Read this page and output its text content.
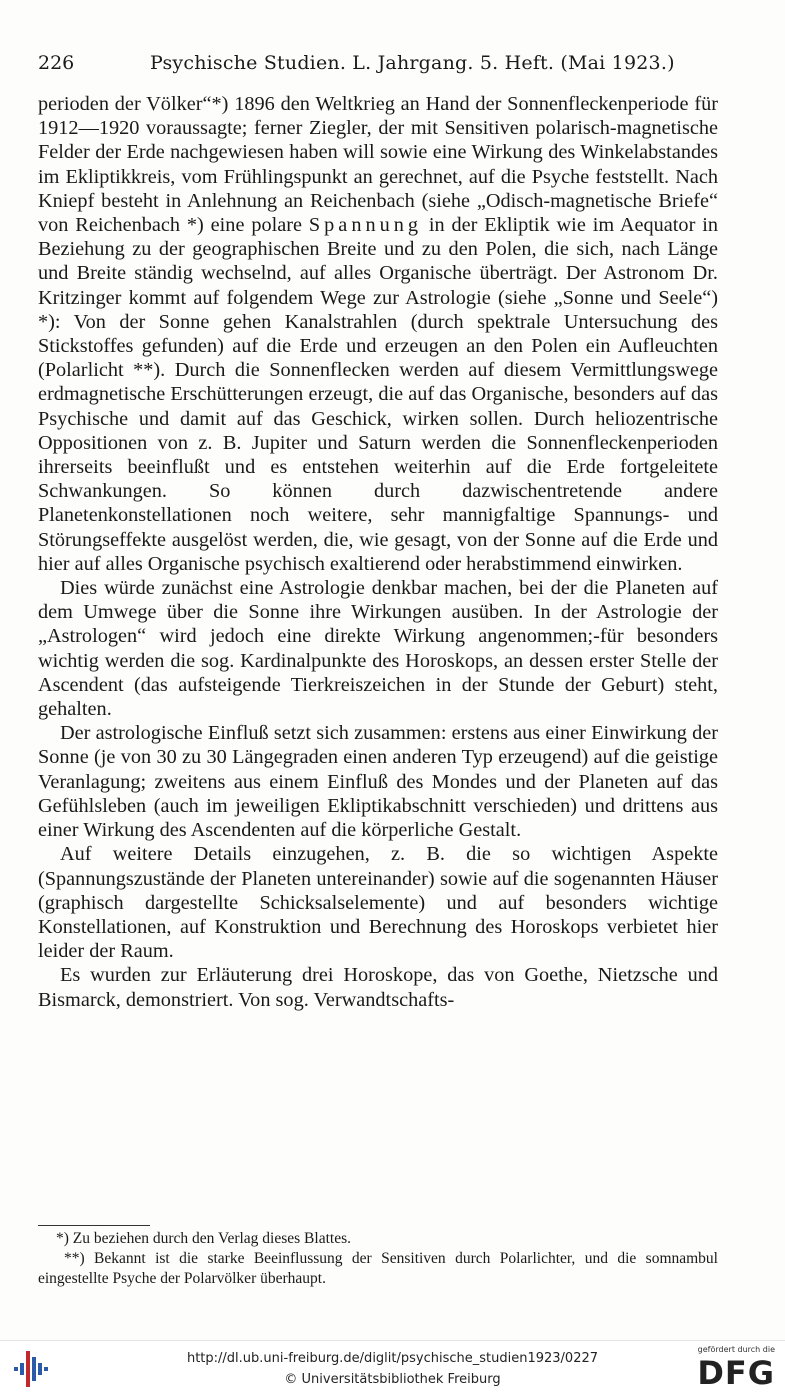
226	Psychische Studien. L. Jahrgang. 5. Heft. (Mai 1923.)

perioden der Völker“*) 1896 den Weltkrieg an Hand der Sonnenfleckenperiode für 1912—1920 voraussagte; ferner Ziegler, der mit Sensitiven polarisch-magnetische Felder der Erde nachgewiesen haben will sowie eine Wirkung des Winkelabstandes im Ekliptikkreis, vom Frühlingspunkt an gerechnet, auf die Psyche feststellt. Nach Kniepf besteht in Anlehnung an Reichenbach (siehe „Odisch-magnetische Briefe“ von Reichenbach *) eine polare Spannung in der Ekliptik wie im Aequator in Beziehung zu der geographischen Breite und zu den Polen, die sich, nach Länge und Breite ständig wechselnd, auf alles Organische überträgt. Der Astronom Dr. Kritzinger kommt auf folgendem Wege zur Astrologie (siehe „Sonne und Seele“) *): Von der Sonne gehen Kanalstrahlen (durch spektrale Untersuchung des Stickstoffes gefunden) auf die Erde und erzeugen an den Polen ein Aufleuchten (Polarlicht **). Durch die Sonnenflecken werden auf diesem Vermittlungswege erdmagnetische Erschütterungen erzeugt, die auf das Organische, besonders auf das Psychische und damit auf das Geschick, wirken sollen. Durch heliozentrische Oppositionen von z. B. Jupiter und Saturn werden die Sonnenfleckenperioden ihrerseits beeinflußt und es entstehen weiterhin auf die Erde fortgeleitete Schwankungen. So können durch dazwischentretende andere Planetenkonstellationen noch weitere, sehr mannigfaltige Spannungs- und Störungseffekte ausgelöst werden, die, wie gesagt, von der Sonne auf die Erde und hier auf alles Organische psychisch exaltierend oder herabstimmend einwirken.

Dies würde zunächst eine Astrologie denkbar machen, bei der die Planeten auf dem Umwege über die Sonne ihre Wirkungen ausüben. In der Astrologie der „Astrologen“ wird jedoch eine direkte Wirkung angenommen;-für besonders wichtig werden die sog. Kardinalpunkte des Horoskops, an dessen erster Stelle der Ascendent (das aufsteigende Tierkreiszeichen in der Stunde der Geburt) steht, gehalten.

Der astrologische Einfluß setzt sich zusammen: erstens aus einer Einwirkung der Sonne (je von 30 zu 30 Längegraden einen anderen Typ erzeugend) auf die geistige Veranlagung; zweitens aus einem Einfluß des Mondes und der Planeten auf das Gefühlsleben (auch im jeweiligen Ekliptikabschnitt verschieden) und drittens aus einer Wirkung des Ascendenten auf die körperliche Gestalt.

Auf weitere Details einzugehen, z. B. die so wichtigen Aspekte (Spannungszustände der Planeten untereinander) sowie auf die sogenannten Häuser (graphisch dargestellte Schicksalselemente) und auf besonders wichtige Konstellationen, auf Konstruktion und Berechnung des Horoskops verbietet hier leider der Raum.

Es wurden zur Erläuterung drei Horoskope, das von Goethe, Nietzsche und Bismarck, demonstriert. Von sog. Verwandtschafts-

*) Zu beziehen durch den Verlag dieses Blattes.

**) Bekannt ist die starke Beeinflussung der Sensitiven durch Polarlichter, und die somnambul eingestellte Psyche der Polarvölker überhaupt.

http://dl.ub.uni-freiburg.de/diglit/psychische_studien1923/0227
© Universitätsbibliothek Freiburg
gefördert durch die
DFG
